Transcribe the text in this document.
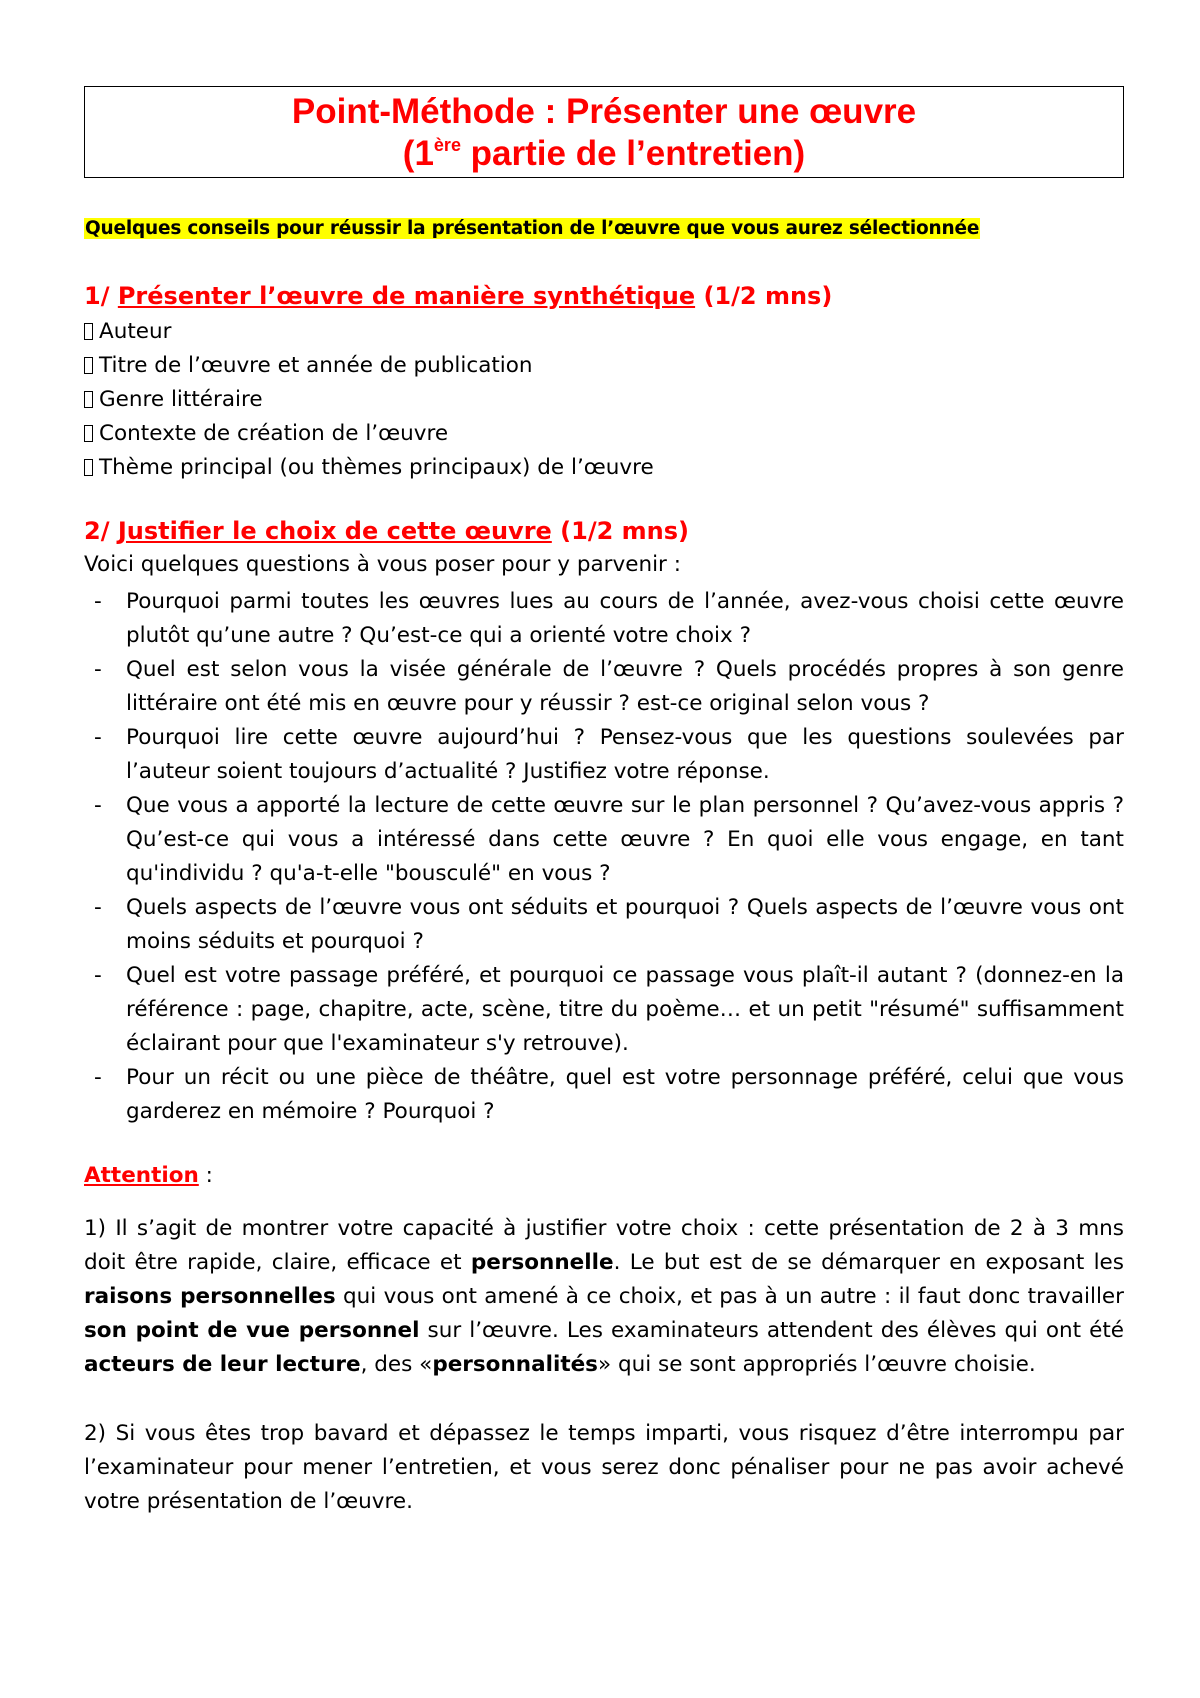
Point-Méthode : Présenter une œuvre
(1ère partie de l’entretien)
Quelques conseils pour réussir la présentation de l’œuvre que vous aurez sélectionnée
1/ Présenter l’œuvre de manière synthétique (1/2 mns)
Auteur
Titre de l’œuvre et année de publication
Genre littéraire
Contexte de création de l’œuvre
Thème principal (ou thèmes principaux) de l’œuvre
2/ Justifier le choix de cette œuvre (1/2 mns)
Voici quelques questions à vous poser pour y parvenir :
- Pourquoi parmi toutes les œuvres lues au cours de l’année, avez-vous choisi cette œuvre plutôt qu’une autre ? Qu’est-ce qui a orienté votre choix ?
- Quel est selon vous la visée générale de l’œuvre ? Quels procédés propres à son genre littéraire ont été mis en œuvre pour y réussir ? est-ce original selon vous ?
- Pourquoi lire cette œuvre aujourd’hui ? Pensez-vous que les questions soulevées par l’auteur soient toujours d’actualité ? Justifiez votre réponse.
- Que vous a apporté la lecture de cette œuvre sur le plan personnel ? Qu’avez-vous appris ? Qu’est-ce qui vous a intéressé dans cette œuvre ? En quoi elle vous engage, en tant qu'individu ? qu'a-t-elle "bousculé" en vous ?
- Quels aspects de l’œuvre vous ont séduits et pourquoi ? Quels aspects de l’œuvre vous ont moins séduits et pourquoi ?
- Quel est votre passage préféré, et pourquoi ce passage vous plaît-il autant ? (donnez-en la référence : page, chapitre, acte, scène, titre du poème… et un petit "résumé" suffisamment éclairant pour que l'examinateur s'y retrouve).
- Pour un récit ou une pièce de théâtre, quel est votre personnage préféré, celui que vous garderez en mémoire ? Pourquoi ?
Attention :

1) Il s’agit de montrer votre capacité à justifier votre choix : cette présentation de 2 à 3 mns doit être rapide, claire, efficace et personnelle. Le but est de se démarquer en exposant les raisons personnelles qui vous ont amené à ce choix, et pas à un autre : il faut donc travailler son point de vue personnel sur l’œuvre. Les examinateurs attendent des élèves qui ont été acteurs de leur lecture, des «personnalités» qui se sont appropriés l’œuvre choisie.

2) Si vous êtes trop bavard et dépassez le temps imparti, vous risquez d’être interrompu par l’examinateur pour mener l’entretien, et vous serez donc pénaliser pour ne pas avoir achevé votre présentation de l’œuvre.
